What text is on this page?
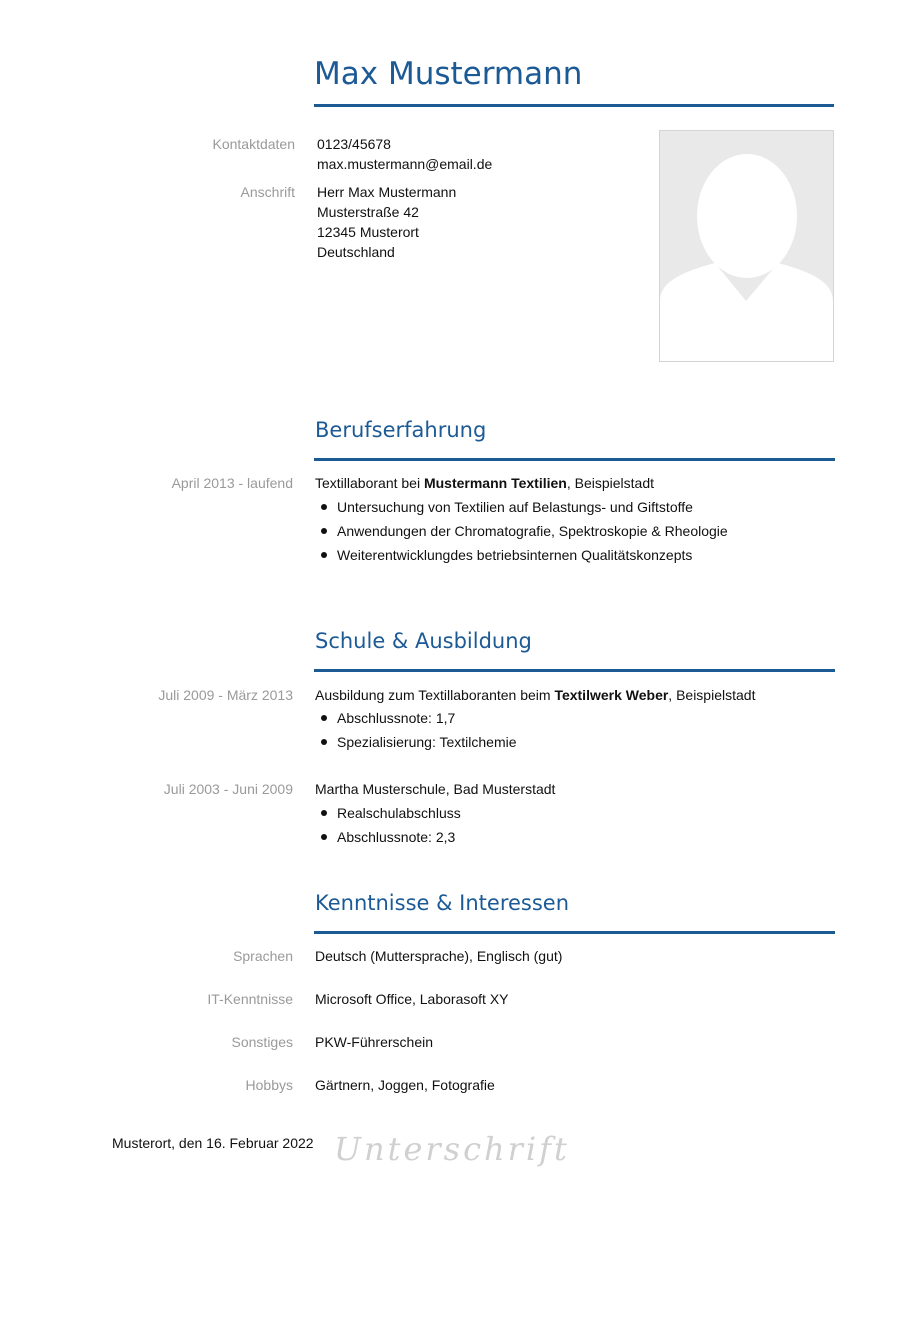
Max Mustermann
Kontaktdaten 0123/45678
max.mustermann@email.de
Anschrift Herr Max Mustermann
Musterstraße 42
12345 Musterort
Deutschland
Berufserfahrung
April 2013 - laufend Textillaborant bei Mustermann Textilien, Beispielstadt
Untersuchung von Textilien auf Belastungs- und Giftstoffe
Anwendungen der Chromatografie, Spektroskopie & Rheologie
Weiterentwicklungdes betriebsinternen Qualitätskonzepts
Schule & Ausbildung
Juli 2009 - März 2013 Ausbildung zum Textillaboranten beim Textilwerk Weber, Beispielstadt
Abschlussnote: 1,7
Spezialisierung: Textilchemie
Juli 2003 - Juni 2009 Martha Musterschule, Bad Musterstadt
Realschulabschluss
Abschlussnote: 2,3
Kenntnisse & Interessen
Sprachen Deutsch (Muttersprache), Englisch (gut)
IT-Kenntnisse Microsoft Office, Laborasoft XY
Sonstiges PKW-Führerschein
Hobbys Gärtnern, Joggen, Fotografie
Musterort, den 16. Februar 2022 Unterschrift
